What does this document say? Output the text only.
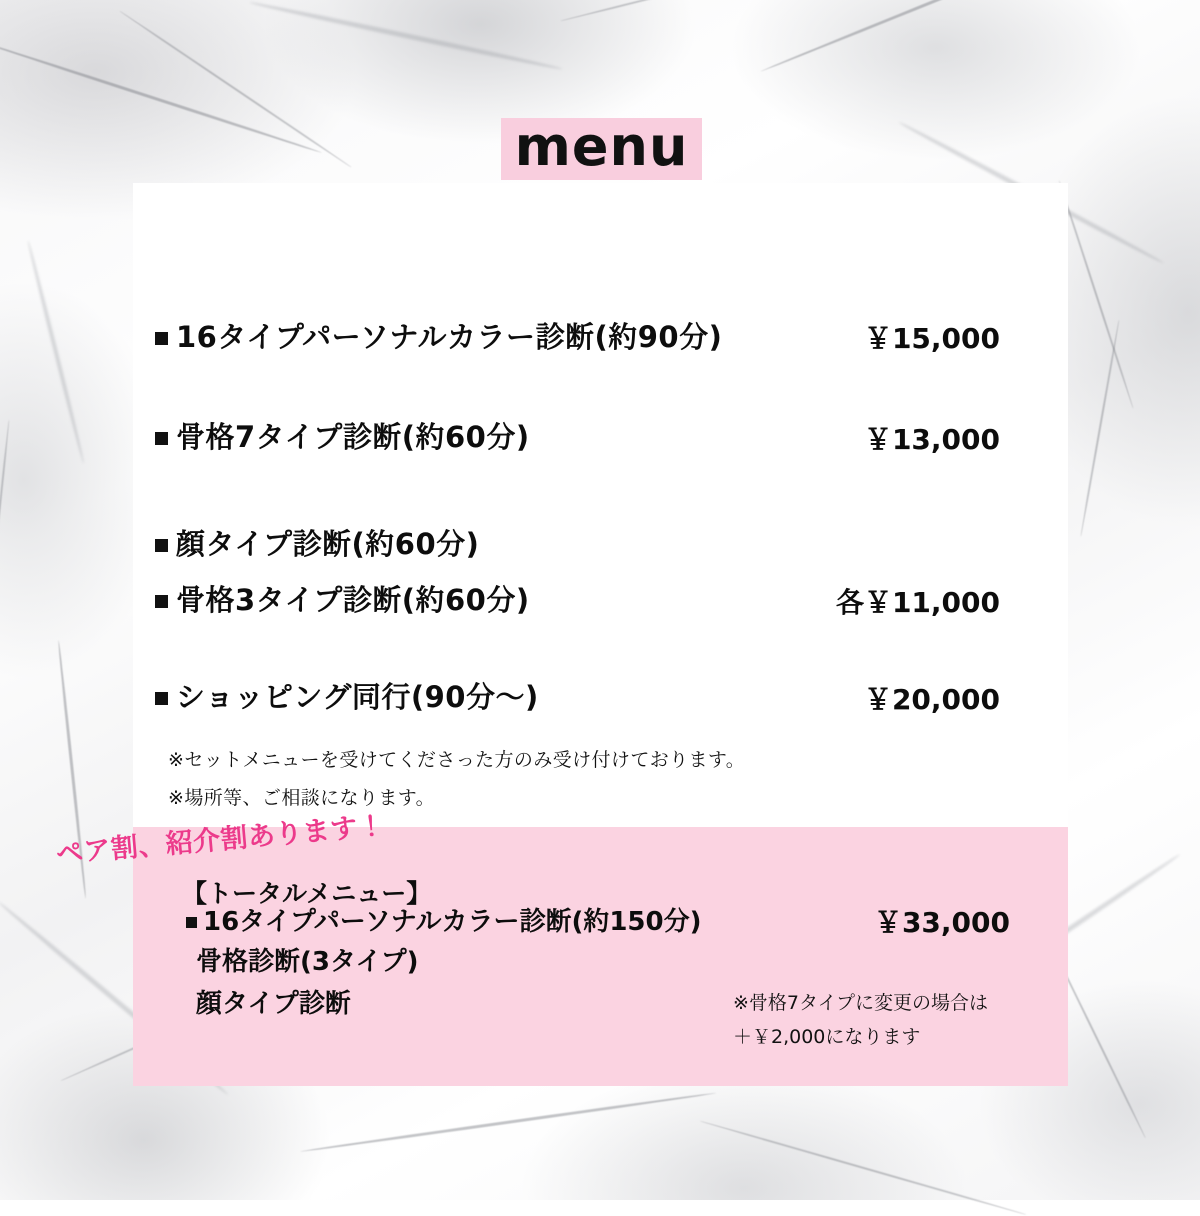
menu
16タイプパーソナルカラー診断(約90分)	￥15,000
骨格7タイプ診断(約60分)	￥13,000
顔タイプ診断(約60分)
骨格3タイプ診断(約60分)	各￥11,000
ショッピング同行(90分〜)	￥20,000
※セットメニューを受けてくださった方のみ受け付けております。
※場所等、ご相談になります。
ペア割、紹介割あります！
【トータルメニュー】
16タイプパーソナルカラー診断(約150分)
骨格診断(3タイプ)
顔タイプ診断
￥33,000
※骨格7タイプに変更の場合は
＋￥2,000になります
